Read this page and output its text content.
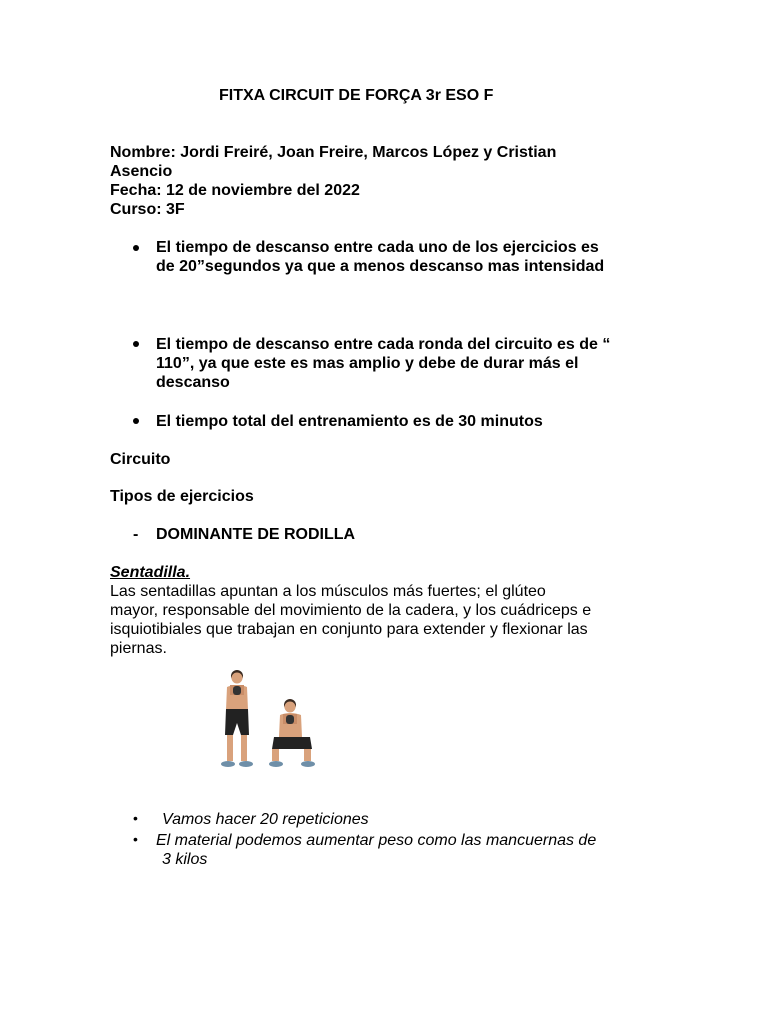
FITXA CIRCUIT DE FORÇA 3r ESO F
Nombre: Jordi Freiré, Joan Freire, Marcos López y Cristian
Asencio
Fecha: 12 de noviembre del 2022
Curso: 3F
El tiempo de descanso entre cada uno de los ejercicios es
de 20”segundos ya que a menos descanso mas intensidad
El tiempo de descanso entre cada ronda del circuito es de “
110”, ya que este es mas amplio y debe de durar más el
descanso
El tiempo total del entrenamiento es de 30 minutos
Circuito
Tipos de ejercicios
- DOMINANTE DE RODILLA
Sentadilla.
Las sentadillas apuntan a los músculos más fuertes; el glúteo
mayor, responsable del movimiento de la cadera, y los cuádriceps e
isquiotibiales que trabajan en conjunto para extender y flexionar las
piernas.
• Vamos hacer 20 repeticiones
• El material podemos aumentar peso como las mancuernas de
3 kilos
